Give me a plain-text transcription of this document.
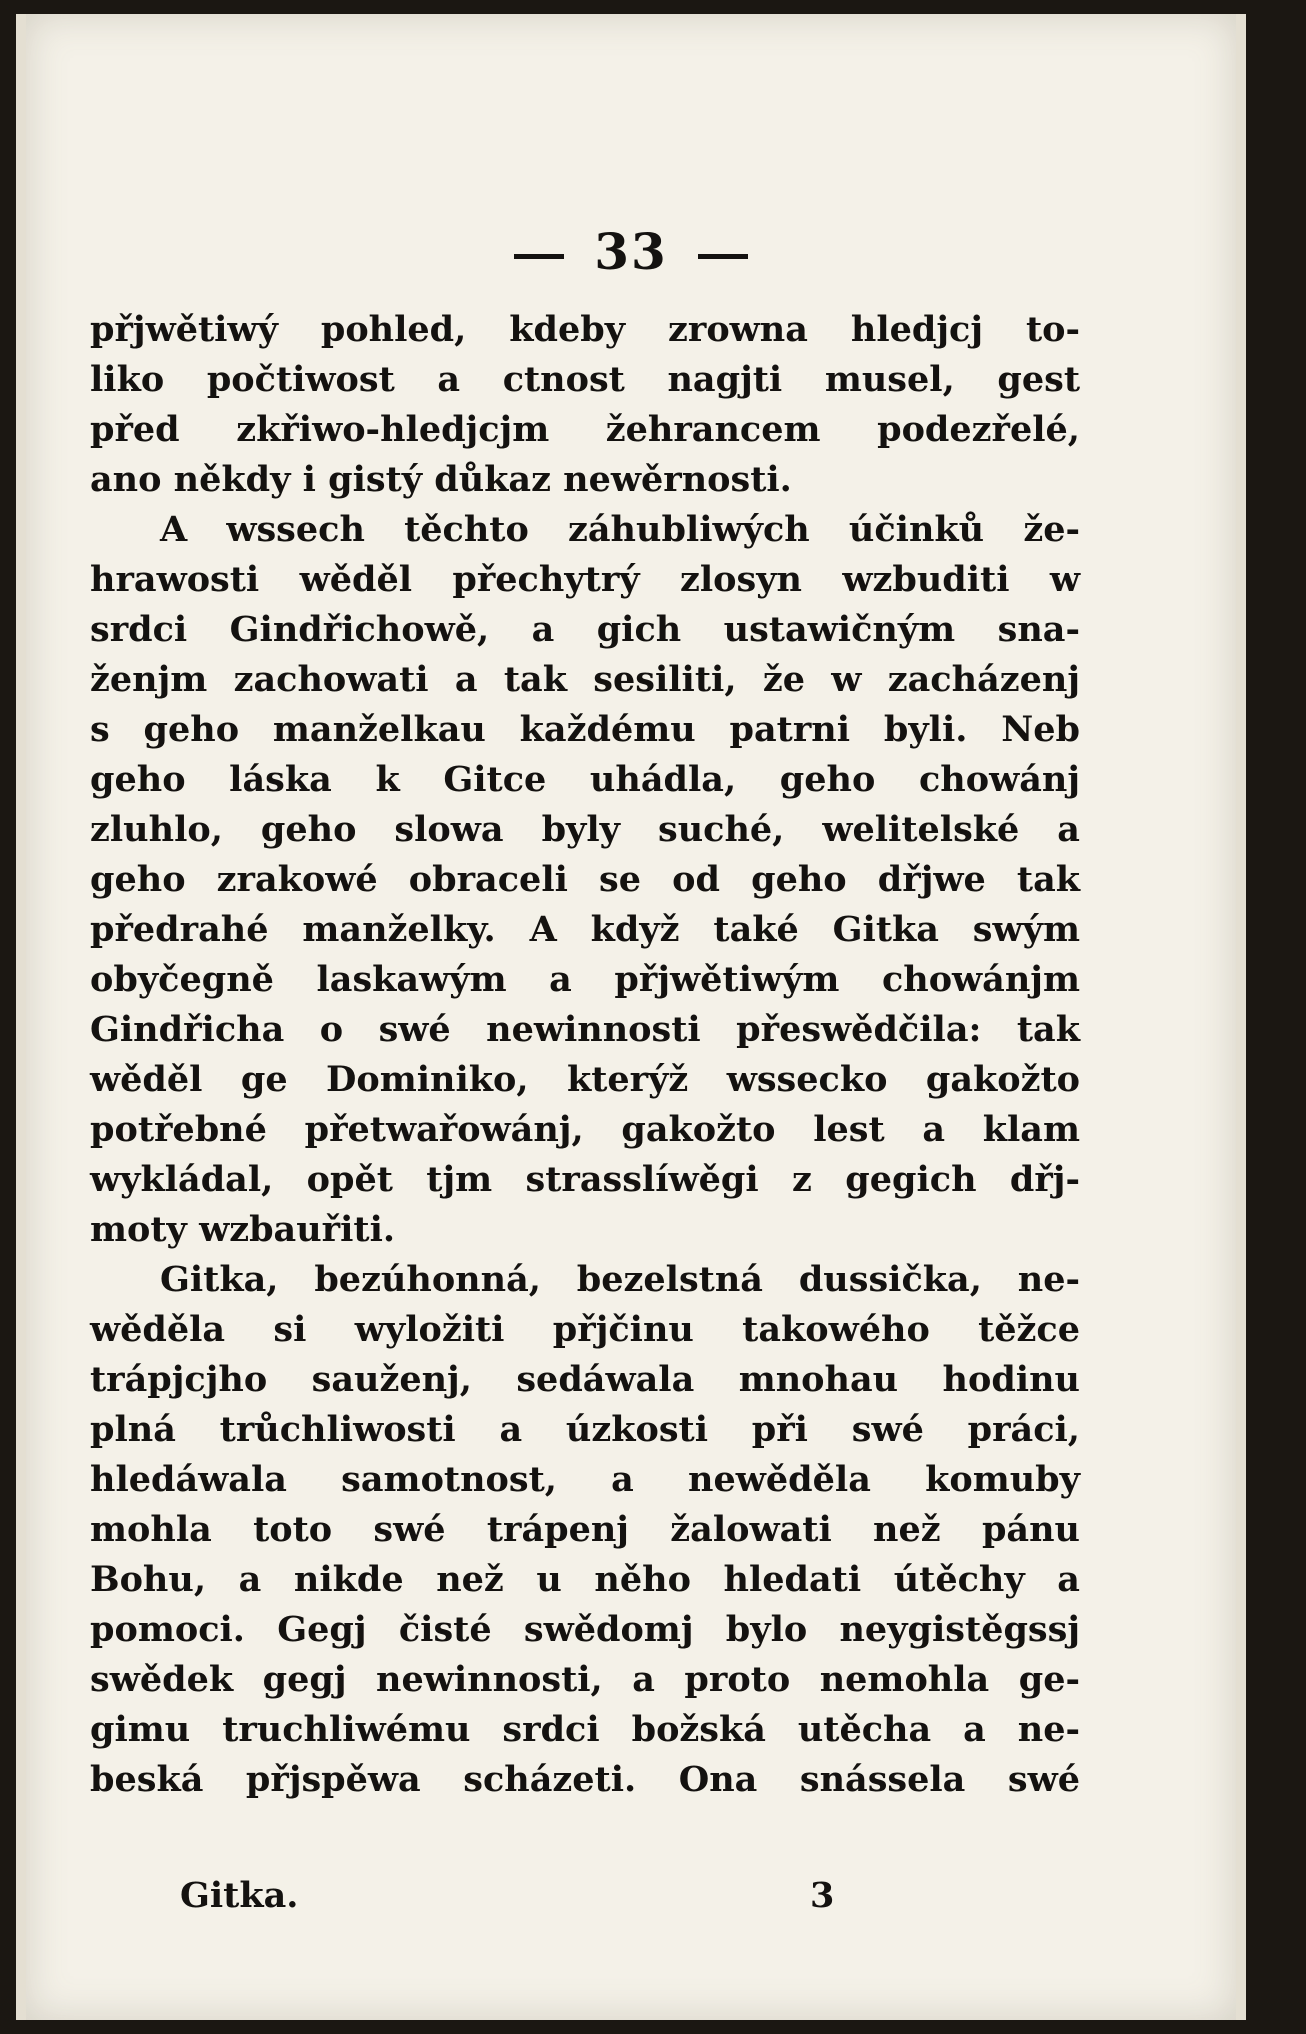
33
přjwětiwý pohled, kdeby zrowna hledjcj to-
liko počtiwost a ctnost nagjti musel, gest
před zkřiwo-hledjcjm žehrancem podezřelé,
ano někdy i gistý důkaz newěrnosti.
A wssech těchto záhubliwých účinků že-
hrawosti wěděl přechytrý zlosyn wzbuditi w
srdci Gindřichowě, a gich ustawičným sna-
ženjm zachowati a tak sesiliti, že w zacházenj
s geho manželkau každému patrni byli. Neb
geho láska k Gitce uhádla, geho chowánj
zluhlo, geho slowa byly suché, welitelské a
geho zrakowé obraceli se od geho dřjwe tak
předrahé manželky. A když také Gitka swým
obyčegně laskawým a přjwětiwým chowánjm
Gindřicha o swé newinnosti přeswědčila: tak
wěděl ge Dominiko, kterýž wssecko gakožto
potřebné přetwařowánj, gakožto lest a klam
wykládal, opět tjm strasslíwěgi z gegich dřj-
moty wzbauřiti.
Gitka, bezúhonná, bezelstná dussička, ne-
wěděla si wyložiti přjčinu takowého těžce
trápjcjho sauženj, sedáwala mnohau hodinu
plná trůchliwosti a úzkosti při swé práci,
hledáwala samotnost, a newěděla komuby
mohla toto swé trápenj žalowati než pánu
Bohu, a nikde než u něho hledati útěchy a
pomoci. Gegj čisté swědomj bylo neygistěgssj
swědek gegj newinnosti, a proto nemohla ge-
gimu truchliwému srdci božská utěcha a ne-
beská přjspěwa scházeti. Ona snássela swé
Gitka.	3
